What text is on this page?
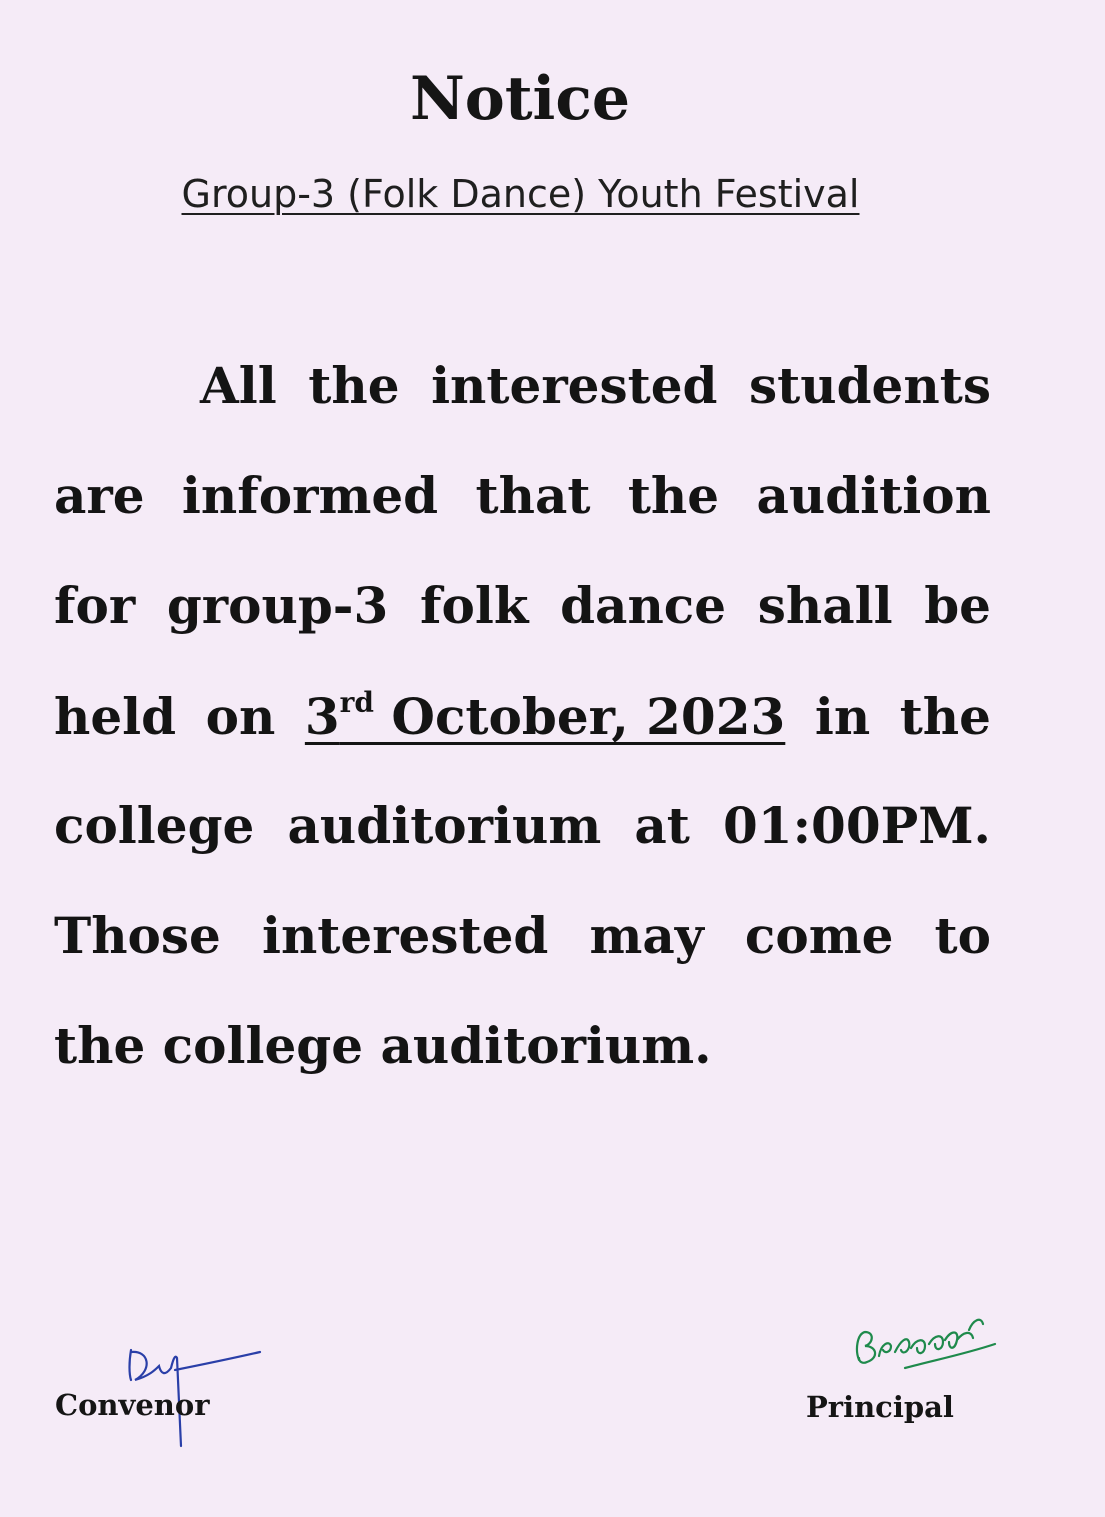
Notice
Group-3 (Folk Dance) Youth Festival
All the interested students
are informed that the audition
for group-3 folk dance shall be
held on 3rd October, 2023 in the
college auditorium at 01:00PM.
Those interested may come to
the college auditorium.
Convenor	Principal
